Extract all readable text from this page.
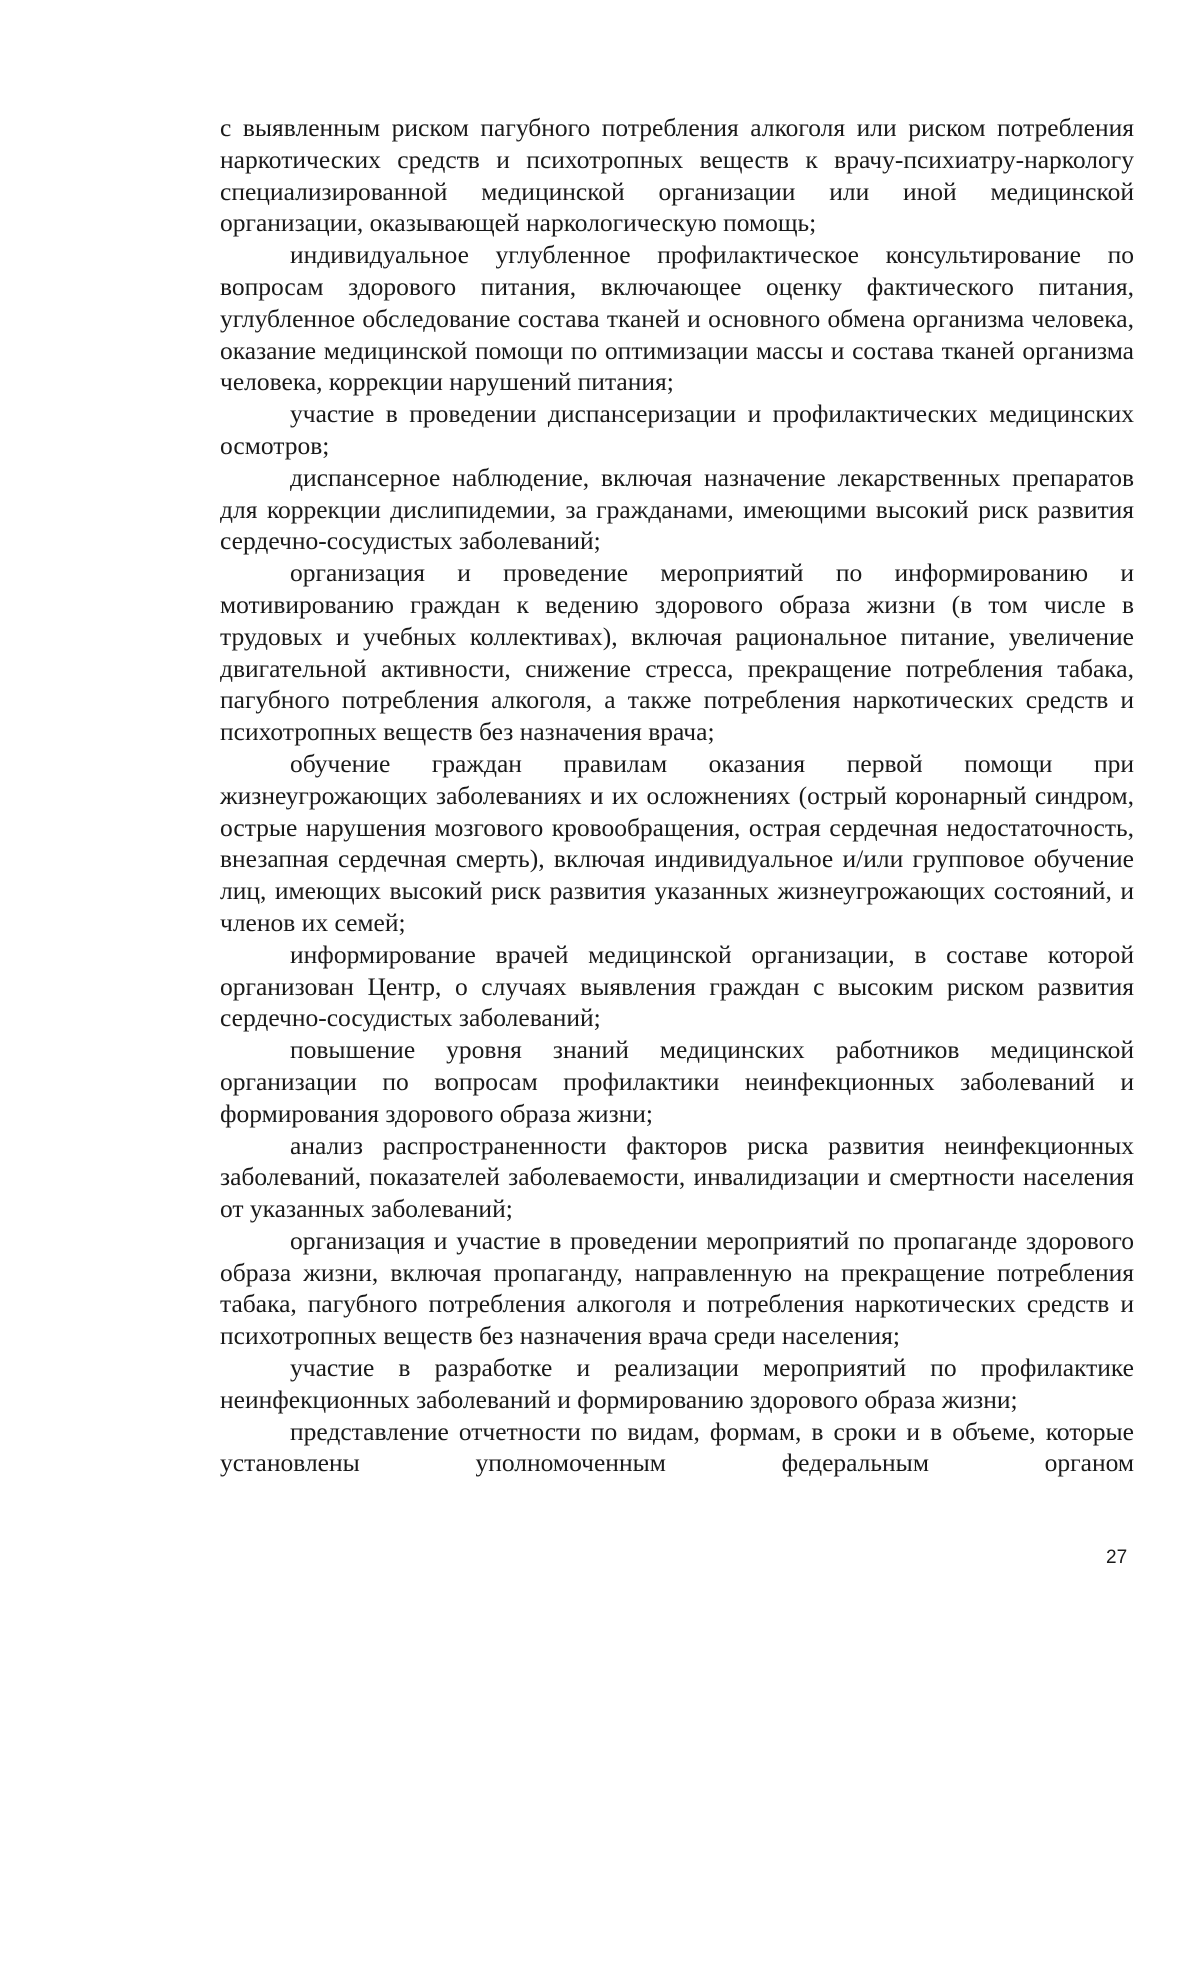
с выявленным риском пагубного потребления алкоголя или риском потребления наркотических средств и психотропных веществ к врачу-психиатру-наркологу специализированной медицинской организации или иной медицинской организации, оказывающей наркологическую помощь;

индивидуальное углубленное профилактическое консультирование по вопросам здорового питания, включающее оценку фактического питания, углубленное обследование состава тканей и основного обмена организма человека, оказание медицинской помощи по оптимизации массы и состава тканей организма человека, коррекции нарушений питания;

участие в проведении диспансеризации и профилактических медицинских осмотров;

диспансерное наблюдение, включая назначение лекарственных препаратов для коррекции дислипидемии, за гражданами, имеющими высокий риск развития сердечно-сосудистых заболеваний;

организация и проведение мероприятий по информированию и мотивированию граждан к ведению здорового образа жизни (в том числе в трудовых и учебных коллективах), включая рациональное питание, увеличение двигательной активности, снижение стресса, прекращение потребления табака, пагубного потребления алкоголя, а также потребления наркотических средств и психотропных веществ без назначения врача;

обучение граждан правилам оказания первой помощи при жизнеугрожающих заболеваниях и их осложнениях (острый коронарный синдром, острые нарушения мозгового кровообращения, острая сердечная недостаточность, внезапная сердечная смерть), включая индивидуальное и/или групповое обучение лиц, имеющих высокий риск развития указанных жизнеугрожающих состояний, и членов их семей;

информирование врачей медицинской организации, в составе которой организован Центр, о случаях выявления граждан с высоким риском развития сердечно-сосудистых заболеваний;

повышение уровня знаний медицинских работников медицинской организации по вопросам профилактики неинфекционных заболеваний и формирования здорового образа жизни;

анализ распространенности факторов риска развития неинфекционных заболеваний, показателей заболеваемости, инвалидизации и смертности населения от указанных заболеваний;

организация и участие в проведении мероприятий по пропаганде здорового образа жизни, включая пропаганду, направленную на прекращение потребления табака, пагубного потребления алкоголя и потребления наркотических средств и психотропных веществ без назначения врача среди населения;

участие в разработке и реализации мероприятий по профилактике неинфекционных заболеваний и формированию здорового образа жизни;

представление отчетности по видам, формам, в сроки и в объеме, которые установлены уполномоченным федеральным органом

27
